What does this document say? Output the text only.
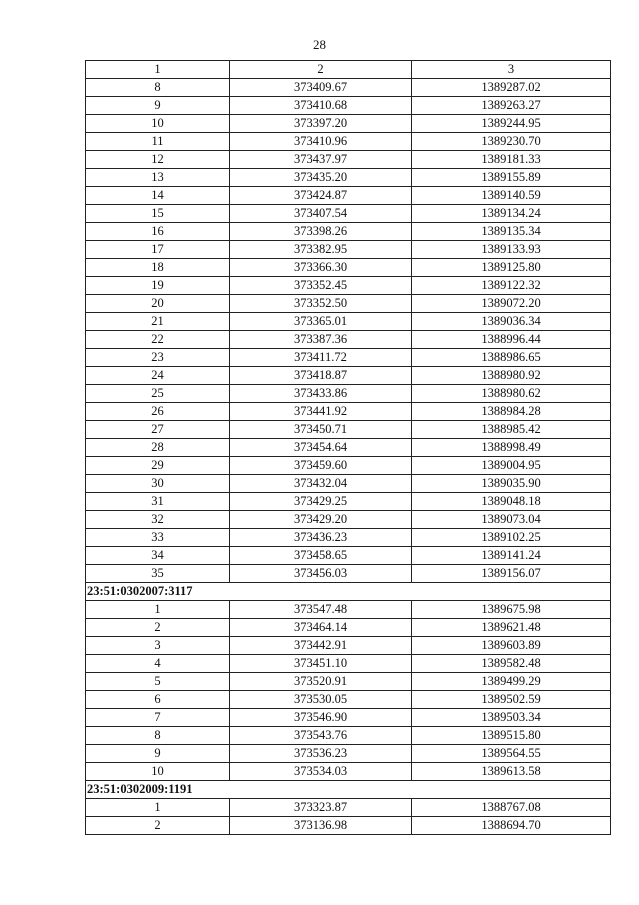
28
1	2	3
8	373409.67	1389287.02
9	373410.68	1389263.27
10	373397.20	1389244.95
11	373410.96	1389230.70
12	373437.97	1389181.33
13	373435.20	1389155.89
14	373424.87	1389140.59
15	373407.54	1389134.24
16	373398.26	1389135.34
17	373382.95	1389133.93
18	373366.30	1389125.80
19	373352.45	1389122.32
20	373352.50	1389072.20
21	373365.01	1389036.34
22	373387.36	1388996.44
23	373411.72	1388986.65
24	373418.87	1388980.92
25	373433.86	1388980.62
26	373441.92	1388984.28
27	373450.71	1388985.42
28	373454.64	1388998.49
29	373459.60	1389004.95
30	373432.04	1389035.90
31	373429.25	1389048.18
32	373429.20	1389073.04
33	373436.23	1389102.25
34	373458.65	1389141.24
35	373456.03	1389156.07
23:51:0302007:3117		
1	373547.48	1389675.98
2	373464.14	1389621.48
3	373442.91	1389603.89
4	373451.10	1389582.48
5	373520.91	1389499.29
6	373530.05	1389502.59
7	373546.90	1389503.34
8	373543.76	1389515.80
9	373536.23	1389564.55
10	373534.03	1389613.58
23:51:0302009:1191		
1	373323.87	1388767.08
2	373136.98	1388694.70
